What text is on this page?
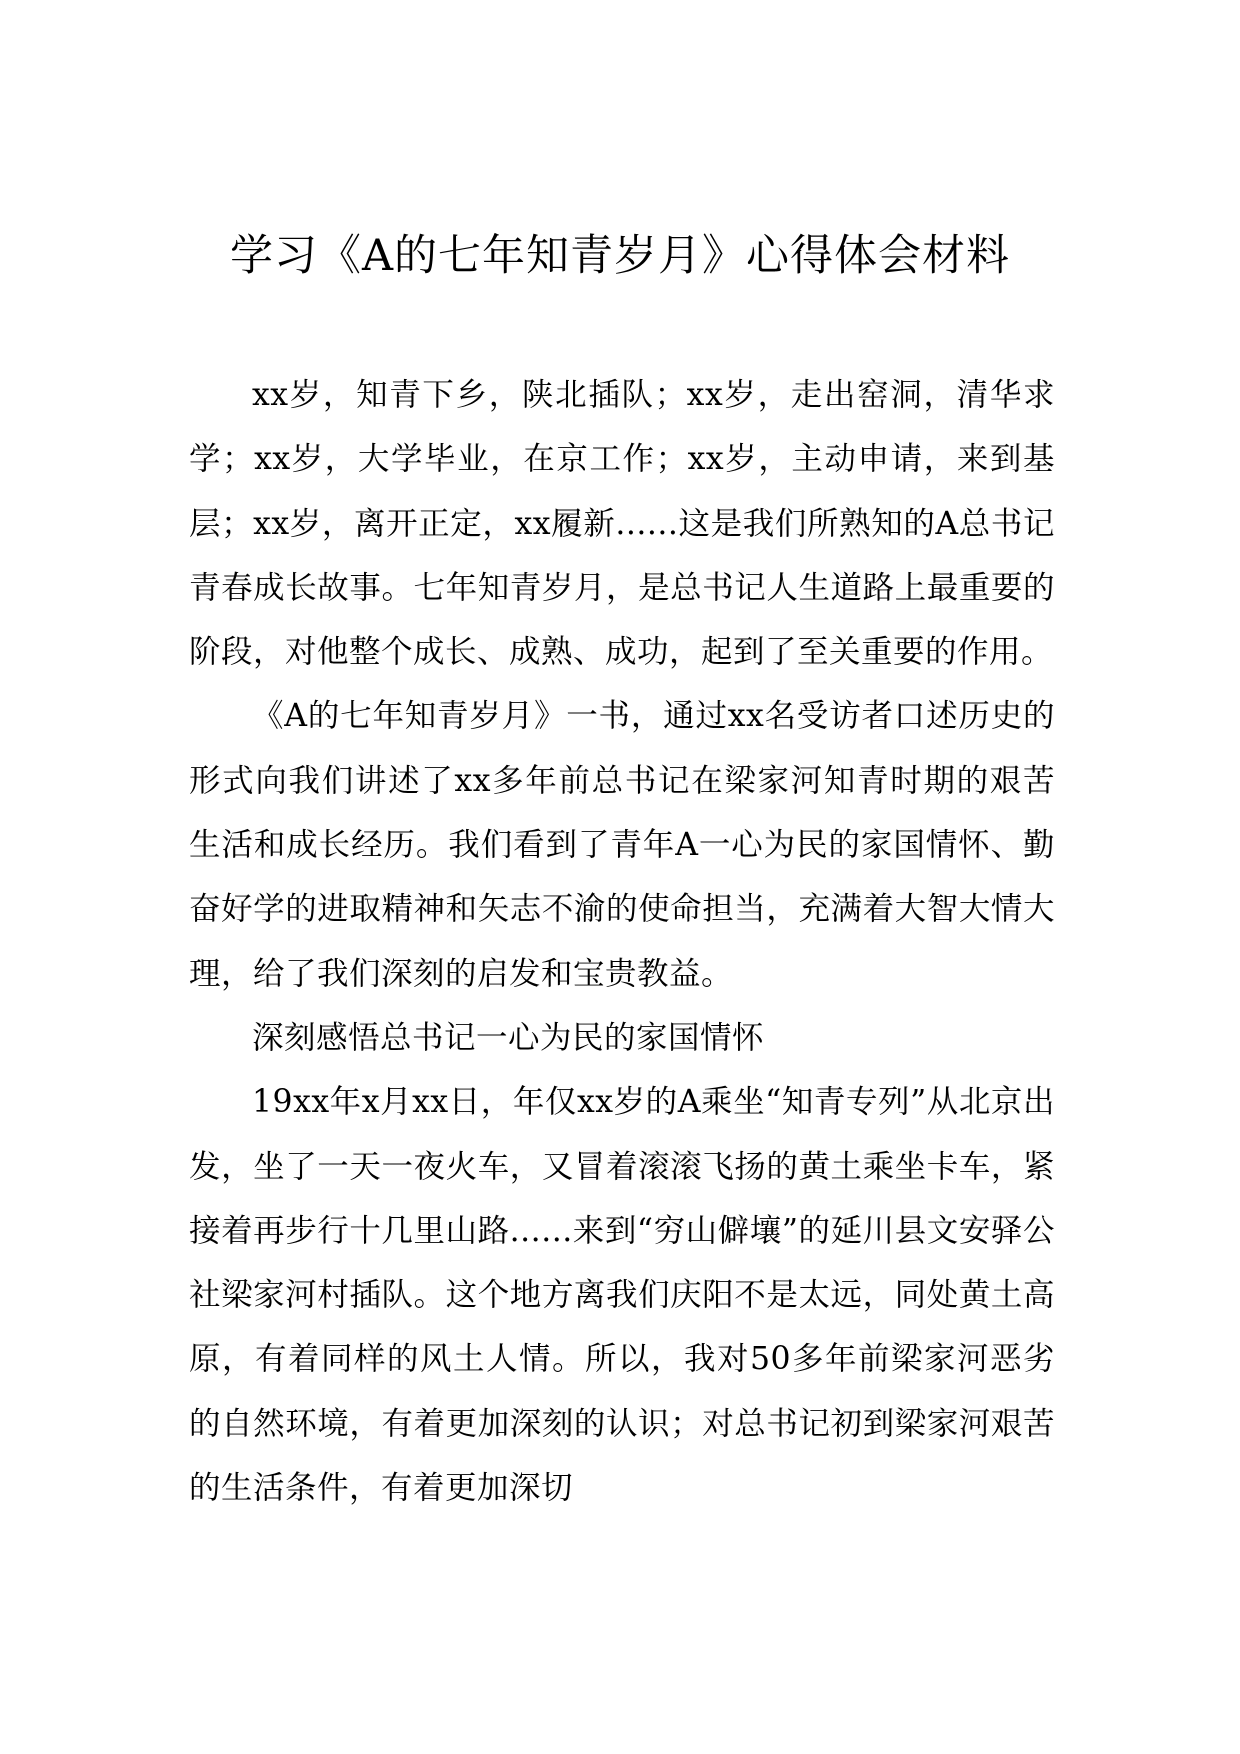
学习《A的七年知青岁月》心得体会材料

xx岁，知青下乡，陕北插队；xx岁，走出窑洞，清华求学；xx岁，大学毕业，在京工作；xx岁，主动申请，来到基层；xx岁，离开正定，xx履新......这是我们所熟知的A总书记青春成长故事。七年知青岁月，是总书记人生道路上最重要的阶段，对他整个成长、成熟、成功，起到了至关重要的作用。

《A的七年知青岁月》一书，通过xx名受访者口述历史的形式向我们讲述了xx多年前总书记在梁家河知青时期的艰苦生活和成长经历。我们看到了青年A一心为民的家国情怀、勤奋好学的进取精神和矢志不渝的使命担当，充满着大智大情大理，给了我们深刻的启发和宝贵教益。

深刻感悟总书记一心为民的家国情怀

19xx年x月xx日，年仅xx岁的A乘坐“知青专列”从北京出发，坐了一天一夜火车，又冒着滚滚飞扬的黄土乘坐卡车，紧接着再步行十几里山路......来到“穷山僻壤”的延川县文安驿公社梁家河村插队。这个地方离我们庆阳不是太远，同处黄土高原，有着同样的风土人情。所以，我对50多年前梁家河恶劣的自然环境，有着更加深刻的认识；对总书记初到梁家河艰苦的生活条件，有着更加深切
